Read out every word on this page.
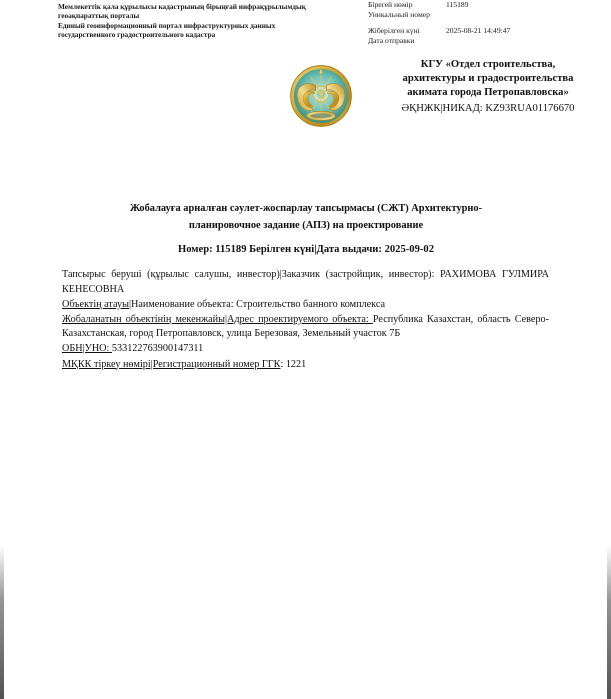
Мемлекеттік қала құрылысы кадастрының бірыңғай инфрақұрылымдық геоақпараттық порталы
Единый геоинформационный портал инфраструктурных данных государственного градостроительного кадастра
Бірегей нөмір
Уникальный номер
115189
Жіберілген күні
Дата отправки
2025-08-21 14:49:47
КГУ «Отдел строительства,
архитектуры и градостроительства
акимата города Петропавловска»
ӘҚНЖК|НИКАД: KZ93RUA01176670
Жобалауға арналған сәулет-жоспарлау тапсырмасы (СЖТ) Архитектурно-
планировочное задание (АПЗ) на проектирование
Номер: 115189 Берілген күні|Дата выдачи: 2025-09-02

Тапсырыс беруші (құрылыс салушы, инвестор)|Заказчик (застройщик, инвестор): РАХИМОВА ГУЛМИРА КЕНЕСОВНА

Объектің атауы|Наименование объекта: Строительство банного комплекса

Жобаланатын объектінің мекенжайы|Адрес проектируемого объекта: Республика Казахстан, область Северо-Казахстанская, город Петропавловск, улица Березовая, Земельный участок 7Б

ОБН|УНО: 533122763900147311

МҚКК тіркеу нөмірі|Регистрационный номер ГГК: 1221
